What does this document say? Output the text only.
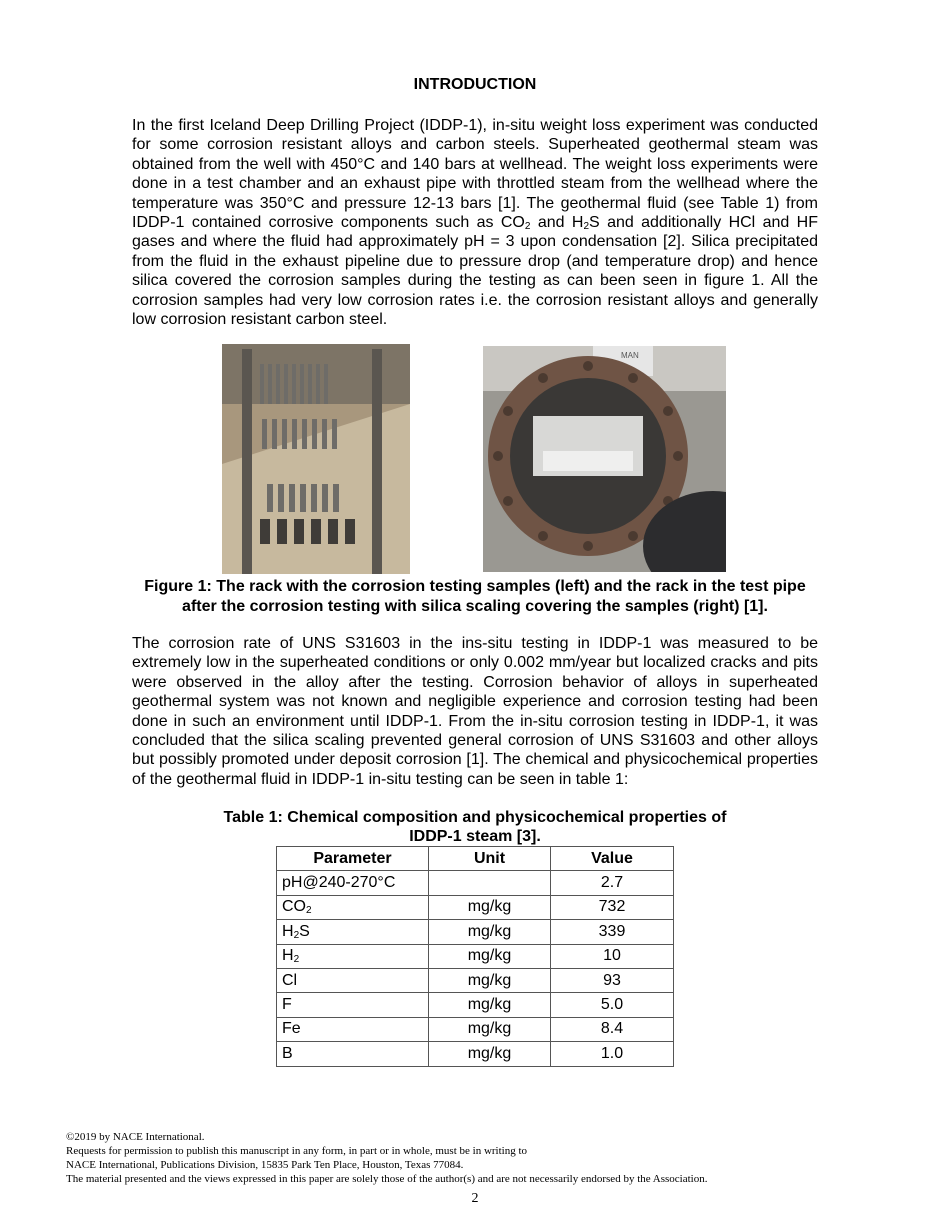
INTRODUCTION

In the first Iceland Deep Drilling Project (IDDP-1), in-situ weight loss experiment was conducted for some corrosion resistant alloys and carbon steels. Superheated geothermal steam was obtained from the well with 450°C and 140 bars at wellhead. The weight loss experiments were done in a test chamber and an exhaust pipe with throttled steam from the wellhead where the temperature was 350°C and pressure 12-13 bars [1]. The geothermal fluid (see Table 1) from IDDP-1 contained corrosive components such as $CO_2$ and $H_2S$ and additionally HCl and HF gases and where the fluid had approximately pH = 3 upon condensation [2]. Silica precipitated from the fluid in the exhaust pipeline due to pressure drop (and temperature drop) and hence silica covered the corrosion samples during the testing as can been seen in figure 1. All the corrosion samples had very low corrosion rates i.e. the corrosion resistant alloys and generally low corrosion resistant carbon steel.

MAN
Figure 1: The rack with the corrosion testing samples (left) and the rack in the test pipe after the corrosion testing with silica scaling covering the samples (right) [1].

The corrosion rate of UNS S31603 in the ins-situ testing in IDDP-1 was measured to be extremely low in the superheated conditions or only 0.002 mm/year but localized cracks and pits were observed in the alloy after the testing. Corrosion behavior of alloys in superheated geothermal system was not known and negligible experience and corrosion testing had been done in such an environment until IDDP-1. From the in-situ corrosion testing in IDDP-1, it was concluded that the silica scaling prevented general corrosion of UNS S31603 and other alloys but possibly promoted under deposit corrosion [1]. The chemical and physicochemical properties of the geothermal fluid in IDDP-1 in-situ testing can be seen in table 1:

Table 1: Chemical composition and physicochemical properties of
IDDP-1 steam [3].
Parameter	Unit	Value
pH@240-270°C		2.7
$CO_2$	mg/kg	732
$H_2S$	mg/kg	339
$H_2$	mg/kg	10
Cl	mg/kg	93
F	mg/kg	5.0
Fe	mg/kg	8.4
B	mg/kg	1.0
©2019 by NACE International.
Requests for permission to publish this manuscript in any form, in part or in whole, must be in writing to
NACE International, Publications Division, 15835 Park Ten Place, Houston, Texas 77084.
The material presented and the views expressed in this paper are solely those of the author(s) and are not necessarily endorsed by the Association.
2
